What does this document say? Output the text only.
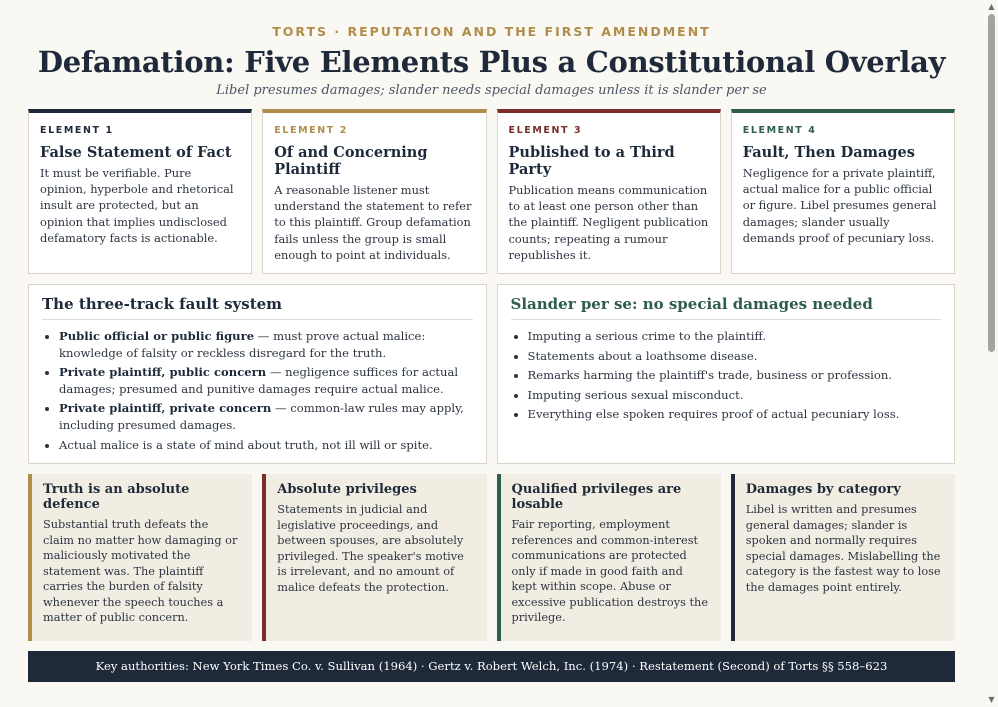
TORTS · REPUTATION AND THE FIRST AMENDMENT
Defamation: Five Elements Plus a Constitutional Overlay
Libel presumes damages; slander needs special damages unless it is slander per se
ELEMENT 1
False Statement of Fact

It must be verifiable. Pure opinion, hyperbole and rhetorical insult are protected, but an opinion that implies undisclosed defamatory facts is actionable.

ELEMENT 2
Of and Concerning Plaintiff

A reasonable listener must understand the statement to refer to this plaintiff. Group defamation fails unless the group is small enough to point at individuals.

ELEMENT 3
Published to a Third Party

Publication means communication to at least one person other than the plaintiff. Negligent publication counts; repeating a rumour republishes it.

ELEMENT 4
Fault, Then Damages

Negligence for a private plaintiff, actual malice for a public official or figure. Libel presumes general damages; slander usually demands proof of pecuniary loss.

The three-track fault system
• Public official or public figure — must prove actual malice: knowledge of falsity or reckless disregard for the truth.
• Private plaintiff, public concern — negligence suffices for actual damages; presumed and punitive damages require actual malice.
• Private plaintiff, private concern — common-law rules may apply, including presumed damages.
• Actual malice is a state of mind about truth, not ill will or spite.
Slander per se: no special damages needed
• Imputing a serious crime to the plaintiff.
• Statements about a loathsome disease.
• Remarks harming the plaintiff's trade, business or profession.
• Imputing serious sexual misconduct.
• Everything else spoken requires proof of actual pecuniary loss.
Truth is an absolute defence

Substantial truth defeats the claim no matter how damaging or maliciously motivated the statement was. The plaintiff carries the burden of falsity whenever the speech touches a matter of public concern.

Absolute privileges

Statements in judicial and legislative proceedings, and between spouses, are absolutely privileged. The speaker's motive is irrelevant, and no amount of malice defeats the protection.

Qualified privileges are losable

Fair reporting, employment references and common-interest communications are protected only if made in good faith and kept within scope. Abuse or excessive publication destroys the privilege.

Damages by category

Libel is written and presumes general damages; slander is spoken and normally requires special damages. Mislabelling the category is the fastest way to lose the damages point entirely.

Key authorities: New York Times Co. v. Sullivan (1964) · Gertz v. Robert Welch, Inc. (1974) · Restatement (Second) of Torts §§ 558–623
▲
▼
